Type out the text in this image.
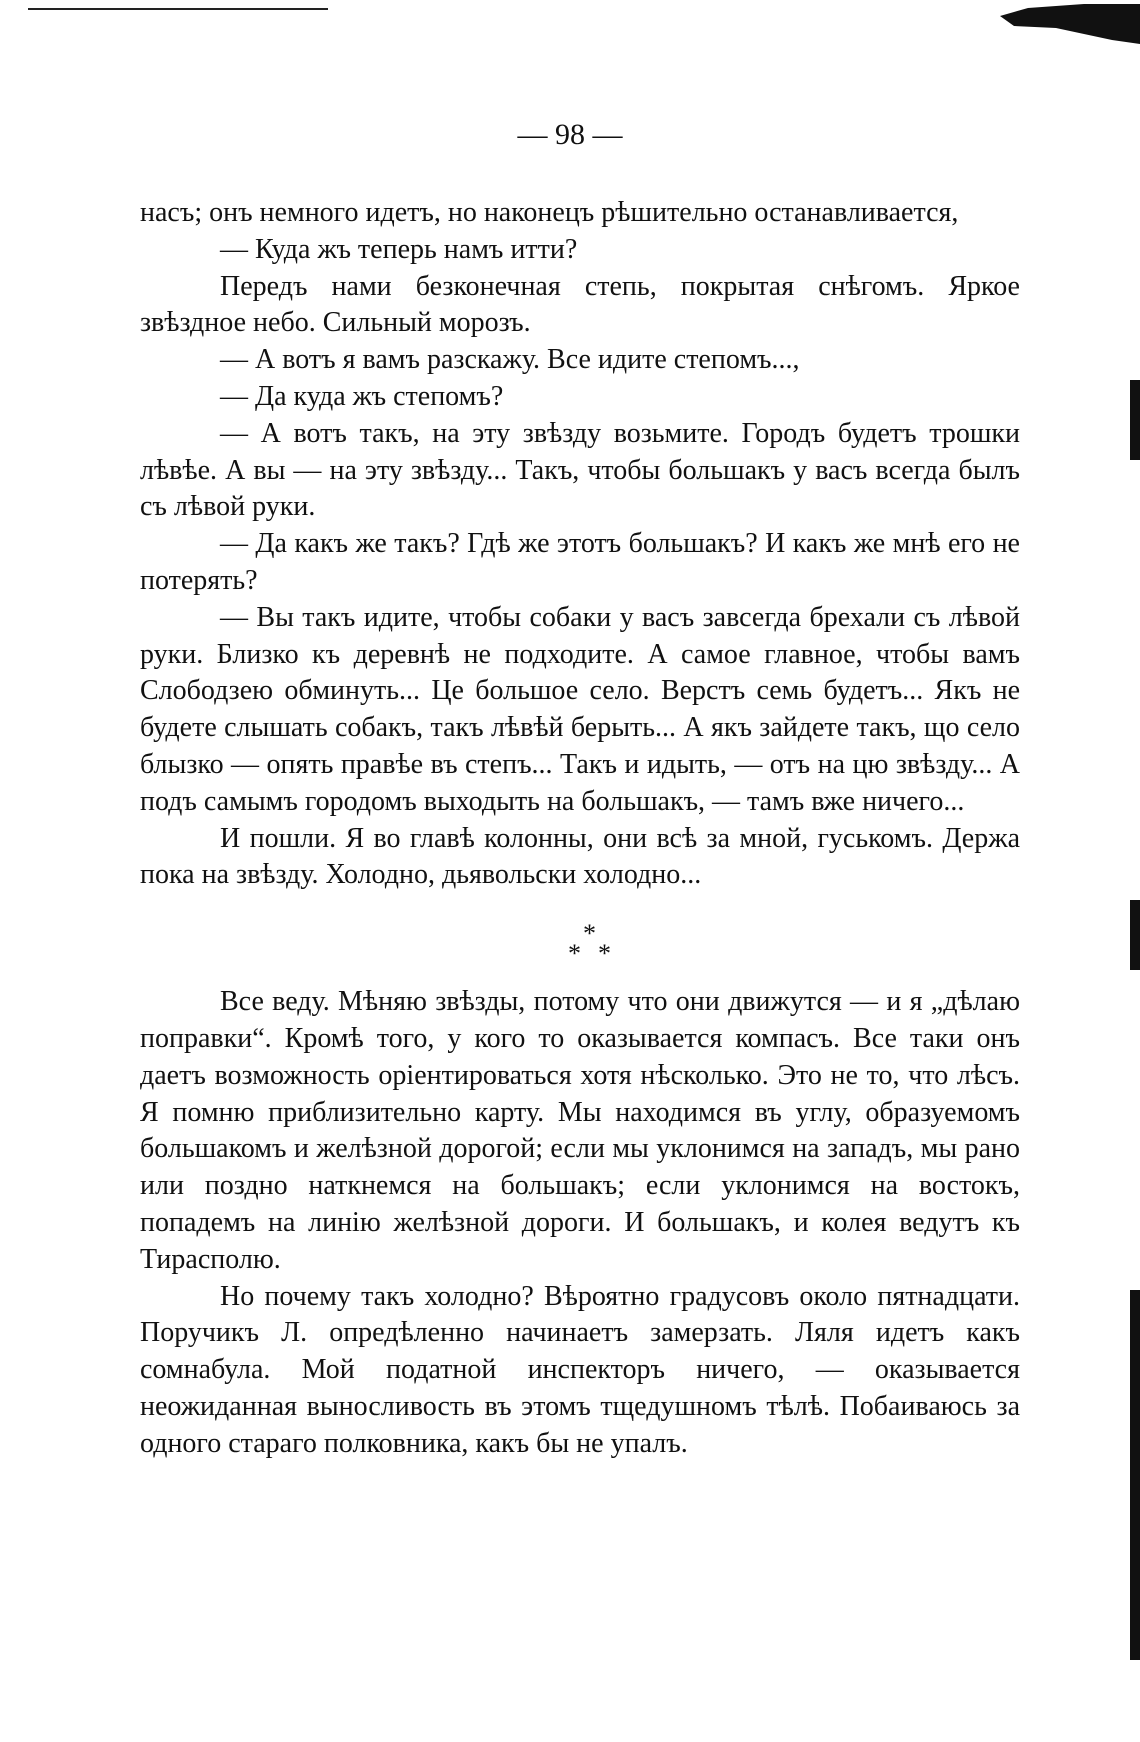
— 98 —

насъ; онъ немного идетъ, но наконецъ рѣшительно останавливается,

— Куда жъ теперь намъ итти?

Передъ нами безконечная степь, покрытая снѣгомъ. Яркое звѣздное небо. Сильный морозъ.

— А вотъ я вамъ разскажу. Все идите степомъ...,

— Да куда жъ степомъ?

— А вотъ такъ, на эту звѣзду возьмите. Городъ будетъ трошки лѣвѣе. А вы — на эту звѣзду... Такъ, чтобы большакъ у васъ всегда былъ съ лѣвой руки.

— Да какъ же такъ? Гдѣ же этотъ большакъ? И какъ же мнѣ его не потерять?

— Вы такъ идите, чтобы собаки у васъ завсегда брехали съ лѣвой руки. Близко къ деревнѣ не подходите. А самое главное, чтобы вамъ Слободзею обминуть... Це большое село. Верстъ семь будетъ... Якъ не будете слышать собакъ, такъ лѣвѣй берыть... А якъ зайдете такъ, що село блызко — опять правѣе въ степъ... Такъ и идыть, — отъ на цю звѣзду... А подъ самымъ городомъ выходыть на большакъ, — тамъ вже ничего...

И пошли. Я во главѣ колонны, они всѣ за мной, гуськомъ. Держа пока на звѣзду. Холодно, дьявольски холодно...

*
*
*

Все веду. Мѣняю звѣзды, потому что они движутся — и я „дѣлаю поправки“. Кромѣ того, у кого то оказывается компасъ. Все таки онъ даетъ возможность оріентироваться хотя нѣсколько. Это не то, что лѣсъ. Я помню приблизительно карту. Мы находимся въ углу, образуемомъ большакомъ и желѣзной дорогой; если мы уклонимся на западъ, мы рано или поздно наткнемся на большакъ; если уклонимся на востокъ, попадемъ на линію желѣзной дороги. И большакъ, и колея ведутъ къ Тирасполю.

Но почему такъ холодно? Вѣроятно градусовъ около пятнадцати. Поручикъ Л. опредѣленно начинаетъ замерзать. Ляля идетъ какъ сомнабула. Мой податной инспекторъ ничего, — оказывается неожиданная выносливость въ этомъ тщедушномъ тѣлѣ. Побаиваюсь за одного стараго полковника, какъ бы не упалъ.
